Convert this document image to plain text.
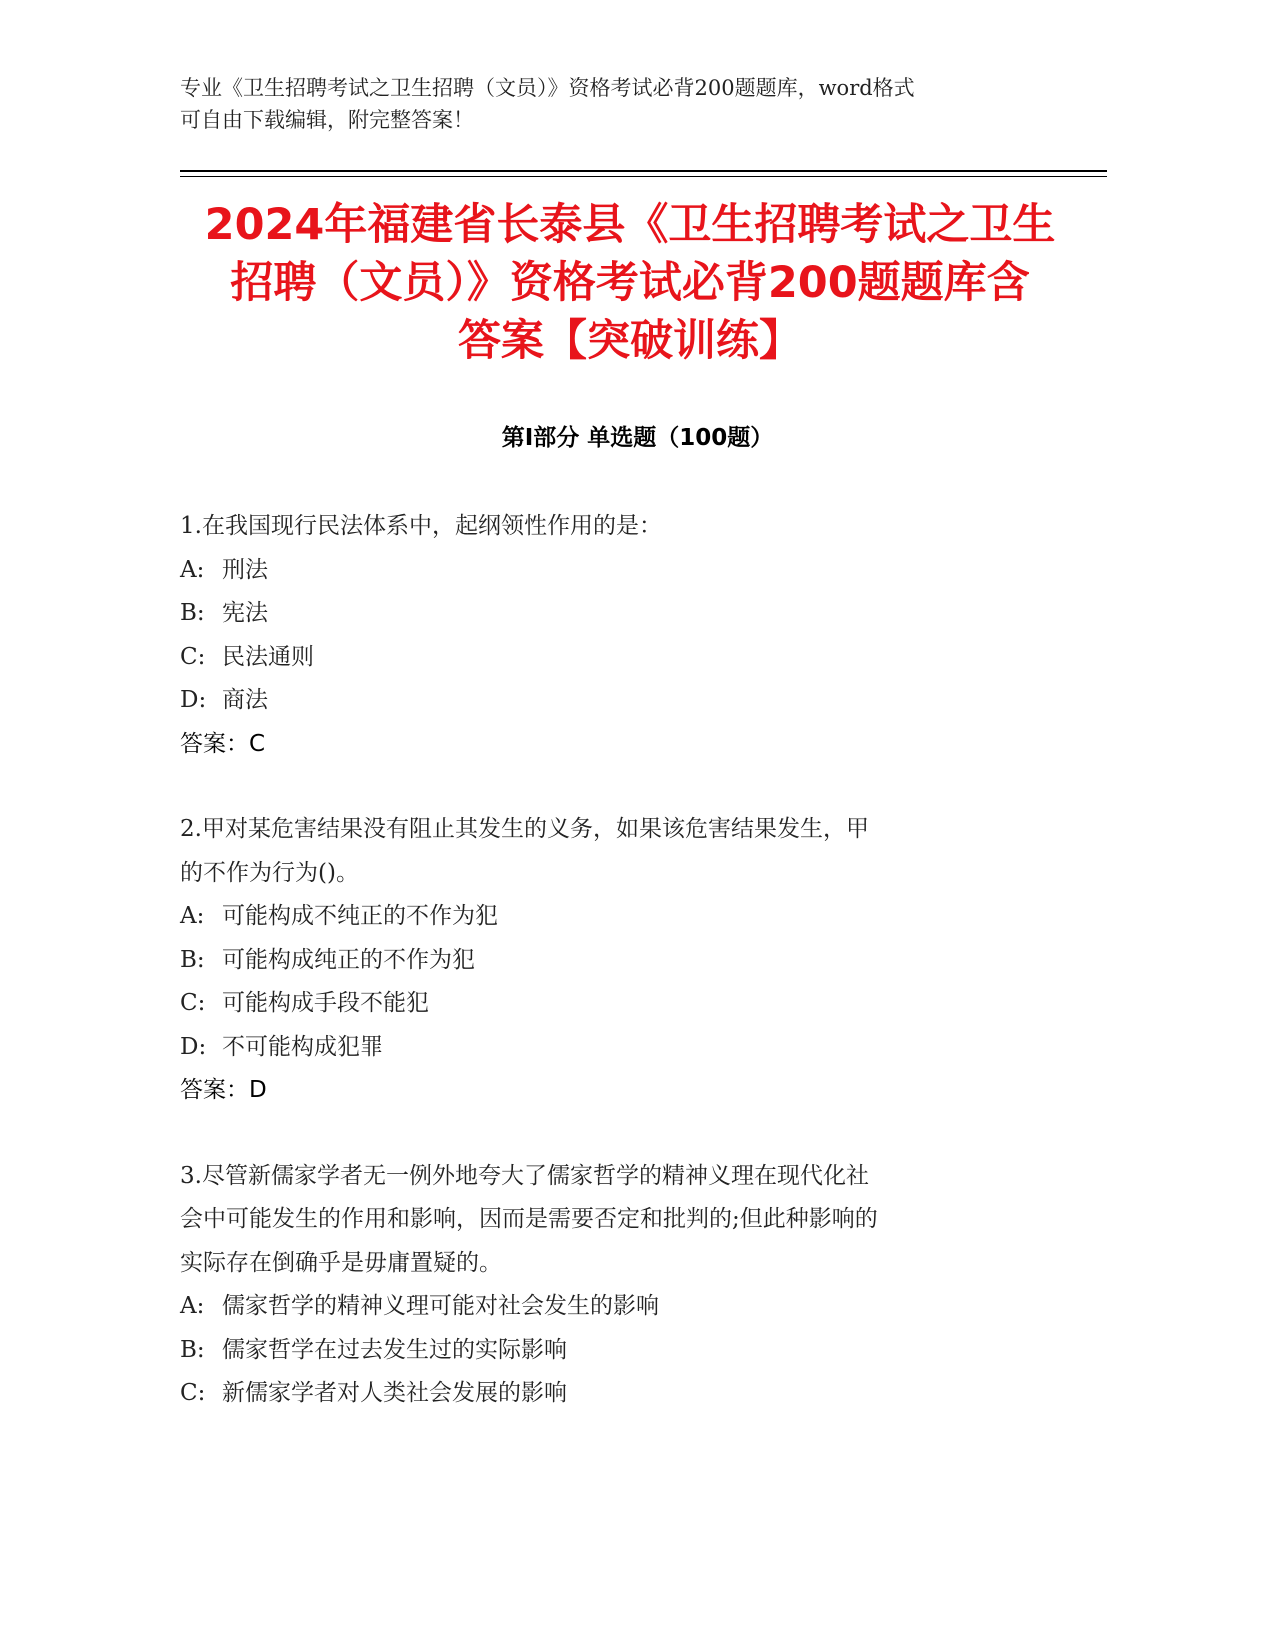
专业《卫生招聘考试之卫生招聘（文员）》资格考试必背200题题库，word格式
可自由下载编辑，附完整答案！
2024年福建省长泰县《卫生招聘考试之卫生
招聘（文员）》资格考试必背200题题库含
答案【突破训练】
第Ⅰ部分 单选题（100题）
1.在我国现行民法体系中，起纲领性作用的是：
A: 刑法
B: 宪法
C: 民法通则
D: 商法
答案：C
2.甲对某危害结果没有阻止其发生的义务，如果该危害结果发生，甲
的不作为行为()。
A: 可能构成不纯正的不作为犯
B: 可能构成纯正的不作为犯
C: 可能构成手段不能犯
D: 不可能构成犯罪
答案：D
3.尽管新儒家学者无一例外地夸大了儒家哲学的精神义理在现代化社
会中可能发生的作用和影响，因而是需要否定和批判的;但此种影响的
实际存在倒确乎是毋庸置疑的。
A: 儒家哲学的精神义理可能对社会发生的影响
B: 儒家哲学在过去发生过的实际影响
C: 新儒家学者对人类社会发展的影响
